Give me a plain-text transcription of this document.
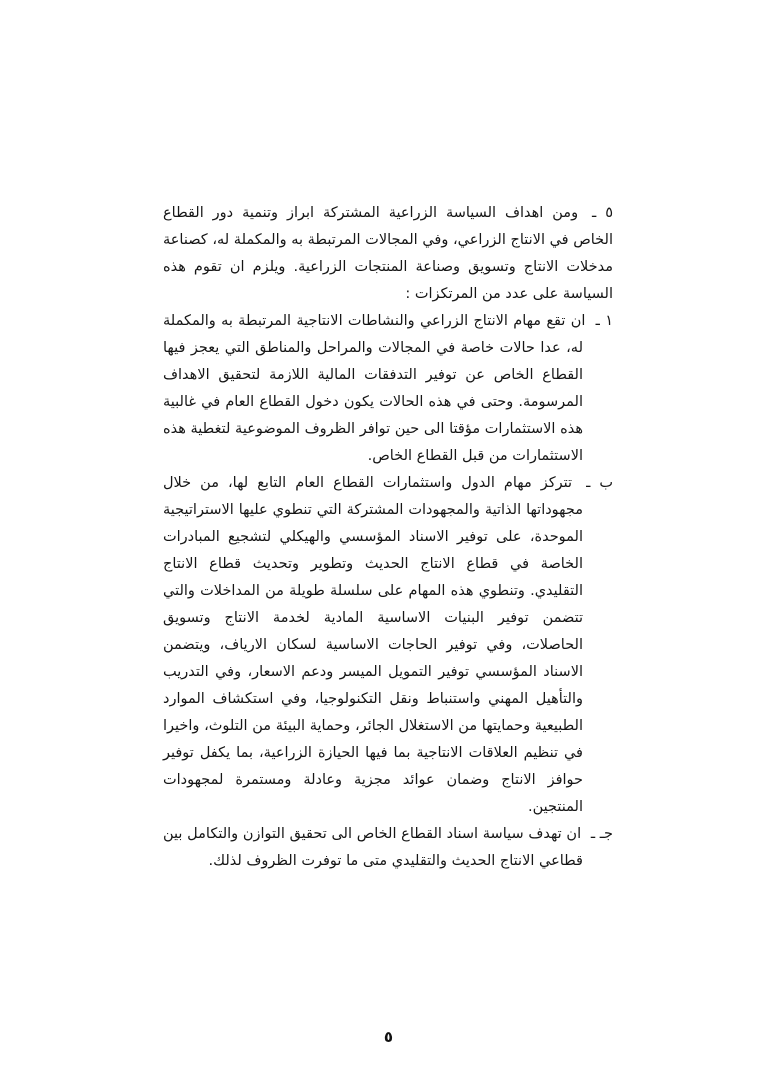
٥ ـ ومن اهداف السياسة الزراعية المشتركة ابراز وتنمية دور القطاع الخاص في الانتاج الزراعي، وفي المجالات المرتبطة به والمكملة له، كصناعة مدخلات الانتاج وتسويق وصناعة المنتجات الزراعية. ويلزم ان تقوم هذه السياسة على عدد من المرتكزات :

١ ـ ان تقع مهام الانتاج الزراعي والنشاطات الانتاجية المرتبطة به والمكملة له، عدا حالات خاصة في المجالات والمراحل والمناطق التي يعجز فيها القطاع الخاص عن توفير التدفقات المالية اللازمة لتحقيق الاهداف المرسومة. وحتى في هذه الحالات يكون دخول القطاع العام في غالبية هذه الاستثمارات مؤقتا الى حين توافر الظروف الموضوعية لتغطية هذه الاستثمارات من قبل القطاع الخاص.

ب ـ تتركز مهام الدول واستثمارات القطاع العام التابع لها، من خلال مجهوداتها الذاتية والمجهودات المشتركة التي تنطوي عليها الاستراتيجية الموحدة، على توفير الاسناد المؤسسي والهيكلي لتشجيع المبادرات الخاصة في قطاع الانتاج الحديث وتطوير وتحديث قطاع الانتاج التقليدي. وتنطوي هذه المهام على سلسلة طويلة من المداخلات والتي تتضمن توفير البنيات الاساسية المادية لخدمة الانتاج وتسويق الحاصلات، وفي توفير الحاجات الاساسية لسكان الارياف، ويتضمن الاسناد المؤسسي توفير التمويل الميسر ودعم الاسعار، وفي التدريب والتأهيل المهني واستنباط ونقل التكنولوجيا، وفي استكشاف الموارد الطبيعية وحمايتها من الاستغلال الجائر، وحماية البيئة من التلوث، واخيرا في تنظيم العلاقات الانتاجية بما فيها الحيازة الزراعية، بما يكفل توفير حوافز الانتاج وضمان عوائد مجزية وعادلة ومستمرة لمجهودات المنتجين.

جـ ـ ان تهدف سياسة اسناد القطاع الخاص الى تحقيق التوازن والتكامل بين قطاعي الانتاج الحديث والتقليدي متى ما توفرت الظروف لذلك.

٥
